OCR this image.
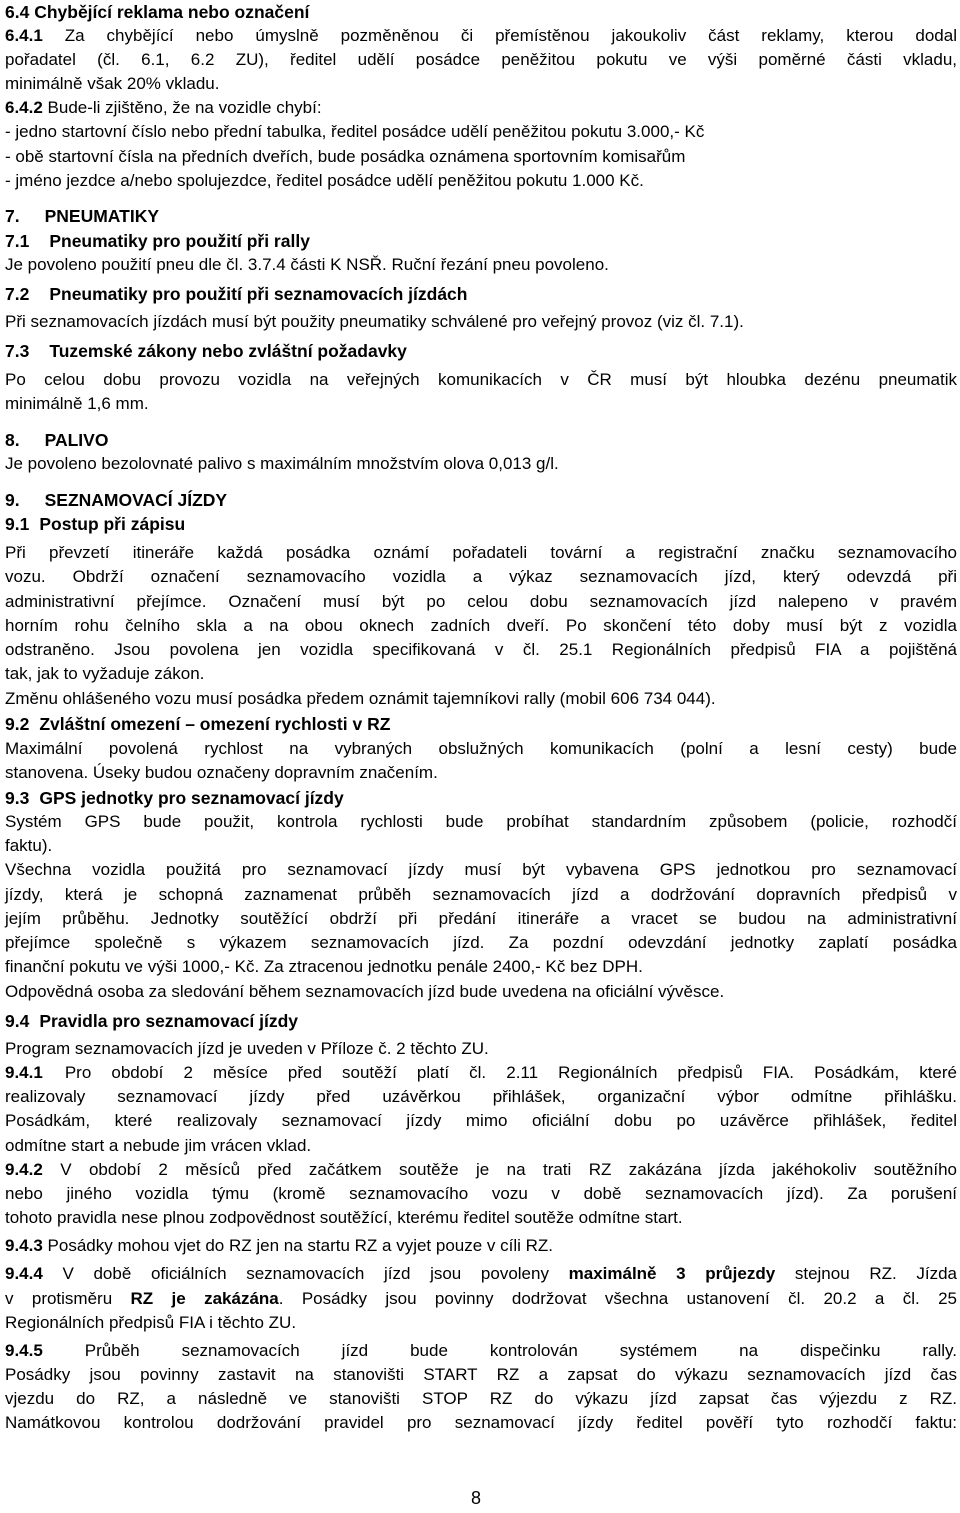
6.4 Chybějící reklama nebo označení
6.4.1 Za chybějící nebo úmyslně pozměněnou či přemístěnou jakoukoliv část reklamy, kterou dodal
pořadatel (čl. 6.1, 6.2 ZU), ředitel udělí posádce peněžitou pokutu ve výši poměrné části vkladu,
minimálně však 20% vkladu.
6.4.2 Bude-li zjištěno, že na vozidle chybí:
- jedno startovní číslo nebo přední tabulka, ředitel posádce udělí peněžitou pokutu 3.000,- Kč
- obě startovní čísla na předních dveřích, bude posádka oznámena sportovním komisařům
- jméno jezdce a/nebo spolujezdce, ředitel posádce udělí peněžitou pokutu 1.000 Kč.
7. PNEUMATIKY
7.1 Pneumatiky pro použití při rally
Je povoleno použití pneu dle čl. 3.7.4 části K NSŘ. Ruční řezání pneu povoleno.
7.2 Pneumatiky pro použití při seznamovacích jízdách
Při seznamovacích jízdách musí být použity pneumatiky schválené pro veřejný provoz (viz čl. 7.1).
7.3 Tuzemské zákony nebo zvláštní požadavky
Po celou dobu provozu vozidla na veřejných komunikacích v ČR musí být hloubka dezénu pneumatik
minimálně 1,6 mm.
8. PALIVO
Je povoleno bezolovnaté palivo s maximálním množstvím olova 0,013 g/l.
9. SEZNAMOVACÍ JÍZDY
9.1 Postup při zápisu
Při převzetí itineráře každá posádka oznámí pořadateli tovární a registrační značku seznamovacího
vozu. Obdrží označení seznamovacího vozidla a výkaz seznamovacích jízd, který odevzdá při
administrativní přejímce. Označení musí být po celou dobu seznamovacích jízd nalepeno v pravém
horním rohu čelního skla a na obou oknech zadních dveří. Po skončení této doby musí být z vozidla
odstraněno. Jsou povolena jen vozidla specifikovaná v čl. 25.1 Regionálních předpisů FIA a pojištěná
tak, jak to vyžaduje zákon.
Změnu ohlášeného vozu musí posádka předem oznámit tajemníkovi rally (mobil 606 734 044).
9.2 Zvláštní omezení – omezení rychlosti v RZ
Maximální povolená rychlost na vybraných obslužných komunikacích (polní a lesní cesty) bude
stanovena. Úseky budou označeny dopravním značením.
9.3 GPS jednotky pro seznamovací jízdy
Systém GPS bude použit, kontrola rychlosti bude probíhat standardním způsobem (policie, rozhodčí
faktu).
Všechna vozidla použitá pro seznamovací jízdy musí být vybavena GPS jednotkou pro seznamovací
jízdy, která je schopná zaznamenat průběh seznamovacích jízd a dodržování dopravních předpisů v
jejím průběhu. Jednotky soutěžící obdrží při předání itineráře a vracet se budou na administrativní
přejímce společně s výkazem seznamovacích jízd. Za pozdní odevzdání jednotky zaplatí posádka
finanční pokutu ve výši 1000,- Kč. Za ztracenou jednotku penále 2400,- Kč bez DPH.
Odpovědná osoba za sledování během seznamovacích jízd bude uvedena na oficiální vývěsce.
9.4 Pravidla pro seznamovací jízdy
Program seznamovacích jízd je uveden v Příloze č. 2 těchto ZU.
9.4.1 Pro období 2 měsíce před soutěží platí čl. 2.11 Regionálních předpisů FIA. Posádkám, které
realizovaly seznamovací jízdy před uzávěrkou přihlášek, organizační výbor odmítne přihlášku.
Posádkám, které realizovaly seznamovací jízdy mimo oficiální dobu po uzávěrce přihlášek, ředitel
odmítne start a nebude jim vrácen vklad.
9.4.2 V období 2 měsíců před začátkem soutěže je na trati RZ zakázána jízda jakéhokoliv soutěžního
nebo jiného vozidla týmu (kromě seznamovacího vozu v době seznamovacích jízd). Za porušení
tohoto pravidla nese plnou zodpovědnost soutěžící, kterému ředitel soutěže odmítne start.
9.4.3 Posádky mohou vjet do RZ jen na startu RZ a vyjet pouze v cíli RZ.
9.4.4 V době oficiálních seznamovacích jízd jsou povoleny maximálně 3 průjezdy stejnou RZ. Jízda
v protisměru RZ je zakázána. Posádky jsou povinny dodržovat všechna ustanovení čl. 20.2 a čl. 25
Regionálních předpisů FIA i těchto ZU.
9.4.5 Průběh seznamovacích jízd bude kontrolován systémem na dispečinku rally.
Posádky jsou povinny zastavit na stanovišti START RZ a zapsat do výkazu seznamovacích jízd čas
vjezdu do RZ, a následně ve stanovišti STOP RZ do výkazu jízd zapsat čas výjezdu z RZ.
Namátkovou kontrolou dodržování pravidel pro seznamovací jízdy ředitel pověří tyto rozhodčí faktu:
8
